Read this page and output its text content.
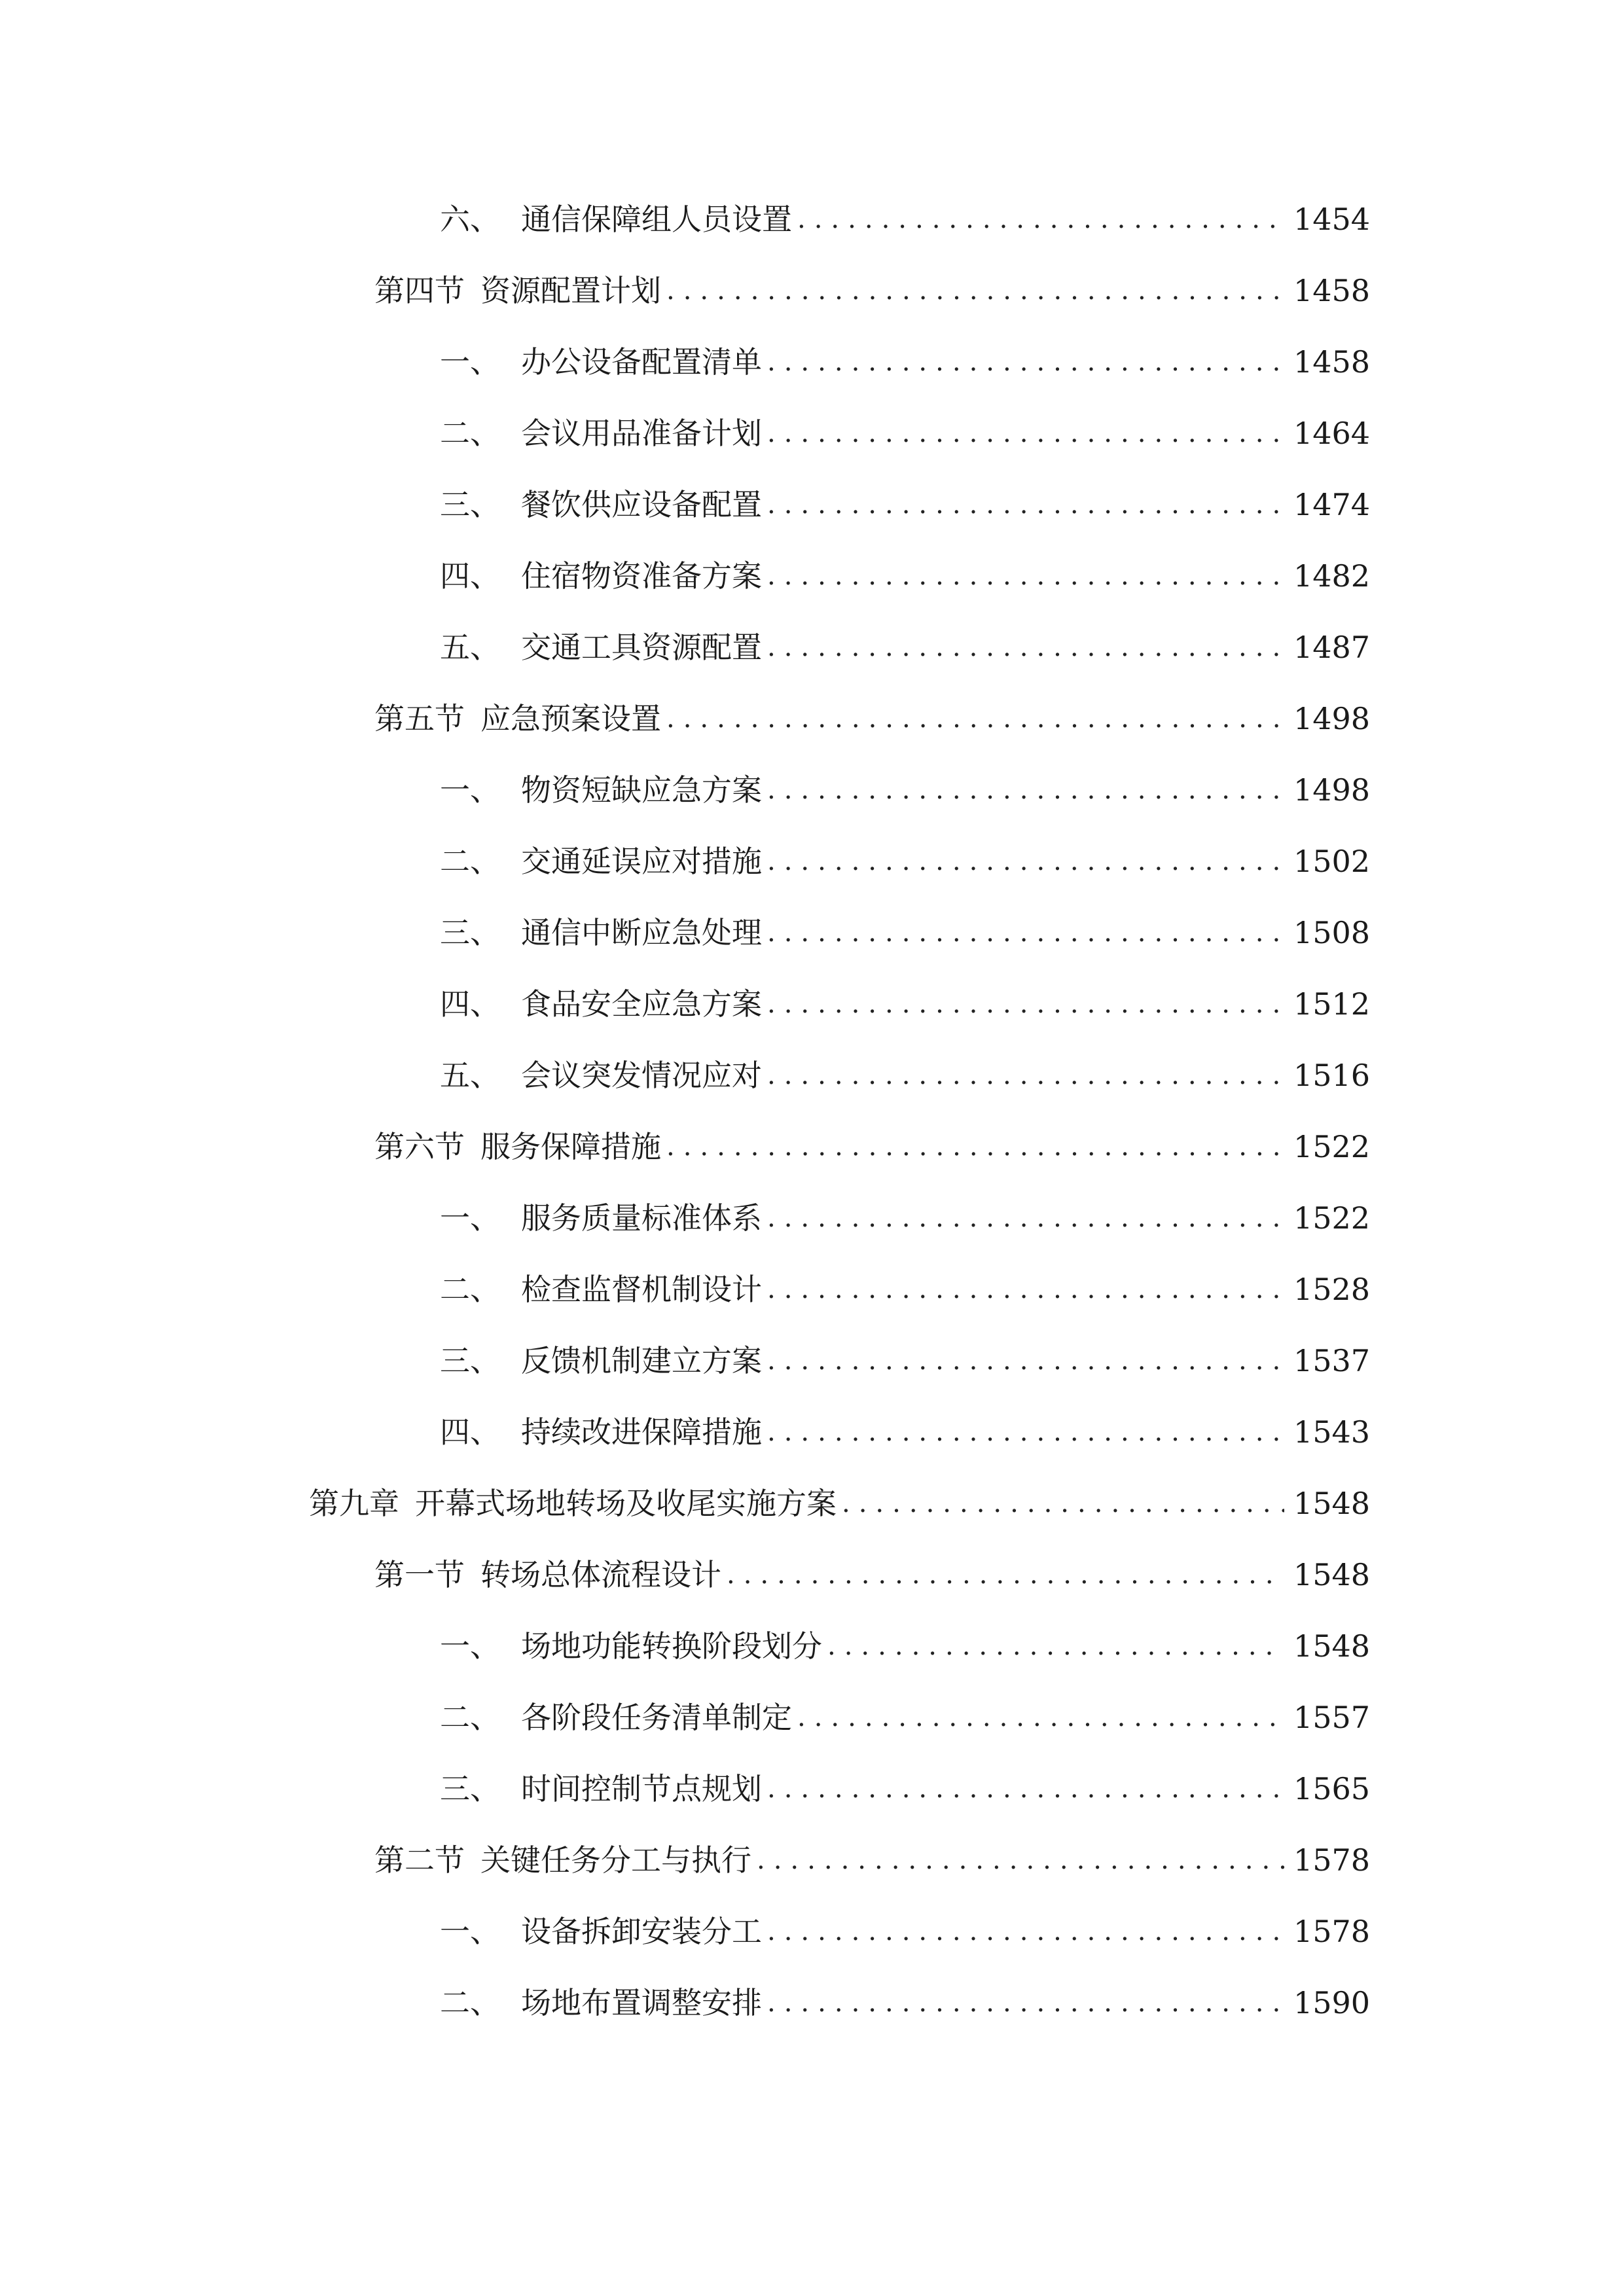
六、 通信保障组人员设置 .....	1454
第四节 资源配置计划 .....	1458
一、 办公设备配置清单 .....	1458
二、 会议用品准备计划 .....	1464
三、 餐饮供应设备配置 .....	1474
四、 住宿物资准备方案 .....	1482
五、 交通工具资源配置 .....	1487
第五节 应急预案设置 .....	1498
一、 物资短缺应急方案 .....	1498
二、 交通延误应对措施 .....	1502
三、 通信中断应急处理 .....	1508
四、 食品安全应急方案 .....	1512
五、 会议突发情况应对 .....	1516
第六节 服务保障措施 .....	1522
一、 服务质量标准体系 .....	1522
二、 检查监督机制设计 .....	1528
三、 反馈机制建立方案 .....	1537
四、 持续改进保障措施 .....	1543
第九章 开幕式场地转场及收尾实施方案 .....	1548
第一节 转场总体流程设计 .....	1548
一、 场地功能转换阶段划分 .....	1548
二、 各阶段任务清单制定 .....	1557
三、 时间控制节点规划 .....	1565
第二节 关键任务分工与执行 .....	1578
一、 设备拆卸安装分工 .....	1578
二、 场地布置调整安排 .....	1590
